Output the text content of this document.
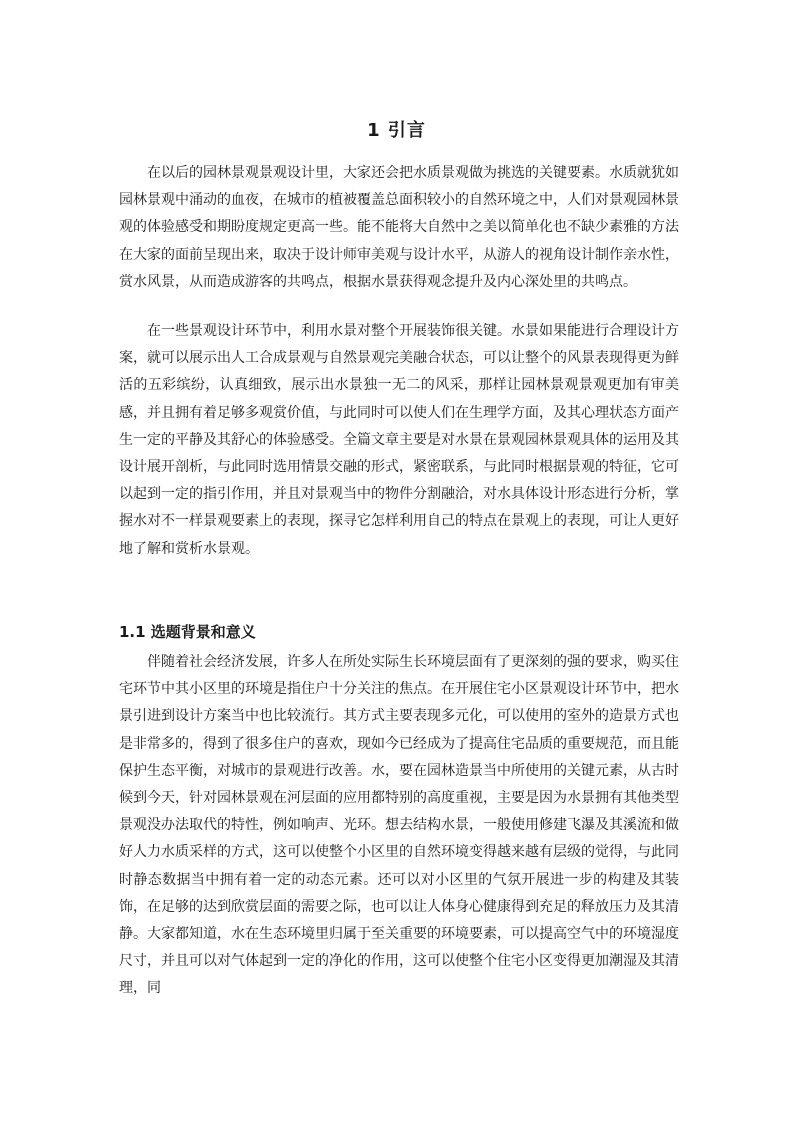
1 引言

在以后的园林景观景观设计里，大家还会把水质景观做为挑选的关键要素。水质就犹如园林景观中涌动的血夜，在城市的植被覆盖总面积较小的自然环境之中，人们对景观园林景观的体验感受和期盼度规定更高一些。能不能将大自然中之美以简单化也不缺少素雅的方法在大家的面前呈现出来，取决于设计师审美观与设计水平，从游人的视角设计制作亲水性，赏水风景，从而造成游客的共鸣点，根据水景获得观念提升及内心深处里的共鸣点。

在一些景观设计环节中，利用水景对整个开展装饰很关键。水景如果能进行合理设计方案，就可以展示出人工合成景观与自然景观完美融合状态，可以让整个的风景表现得更为鲜活的五彩缤纷，认真细致，展示出水景独一无二的风采，那样让园林景观景观更加有审美感，并且拥有着足够多观赏价值，与此同时可以使人们在生理学方面，及其心理状态方面产生一定的平静及其舒心的体验感受。全篇文章主要是对水景在景观园林景观具体的运用及其设计展开剖析，与此同时选用情景交融的形式，紧密联系，与此同时根据景观的特征，它可以起到一定的指引作用，并且对景观当中的物件分割融洽，对水具体设计形态进行分析，掌握水对不一样景观要素上的表现，探寻它怎样利用自己的特点在景观上的表现，可让人更好地了解和赏析水景观。

1.1 选题背景和意义

伴随着社会经济发展，许多人在所处实际生长环境层面有了更深刻的强的要求，购买住宅环节中其小区里的环境是指住户十分关注的焦点。在开展住宅小区景观设计环节中，把水景引进到设计方案当中也比较流行。其方式主要表现多元化，可以使用的室外的造景方式也是非常多的，得到了很多住户的喜欢，现如今已经成为了提高住宅品质的重要规范，而且能保护生态平衡，对城市的景观进行改善。水，要在园林造景当中所使用的关键元素，从古时候到今天，针对园林景观在河层面的应用都特别的高度重视，主要是因为水景拥有其他类型景观没办法取代的特性，例如响声、光环。想去结构水景，一般使用修建飞瀑及其溪流和做好人力水质采样的方式，这可以使整个小区里的自然环境变得越来越有层级的觉得，与此同时静态数据当中拥有着一定的动态元素。还可以对小区里的气氛开展进一步的构建及其装饰，在足够的达到欣赏层面的需要之际，也可以让人体身心健康得到充足的释放压力及其清静。大家都知道，水在生态环境里归属于至关重要的环境要素，可以提高空气中的环境湿度尺寸，并且可以对气体起到一定的净化的作用，这可以使整个住宅小区变得更加潮湿及其清理，同
